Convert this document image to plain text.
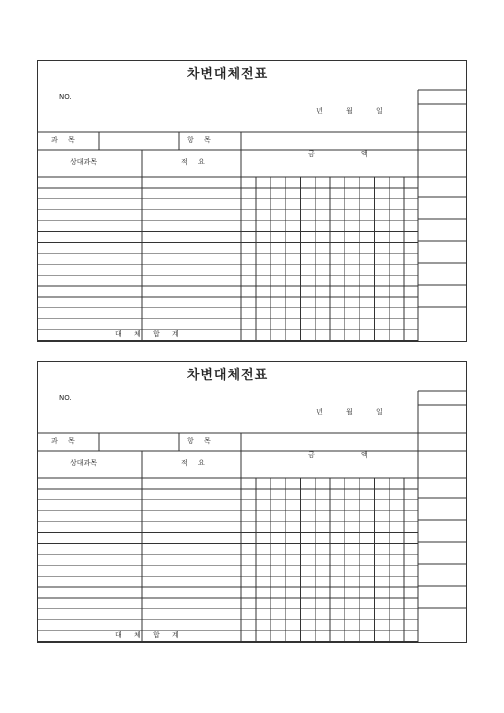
차변대체전표
NO.
년	월	일
과 목	항 목
상대과목	적 요
금 액
대 체 합 계
차변대체전표
NO.
년	월	일
과 목	항 목
상대과목	적 요
금 액
대 체 합 계
